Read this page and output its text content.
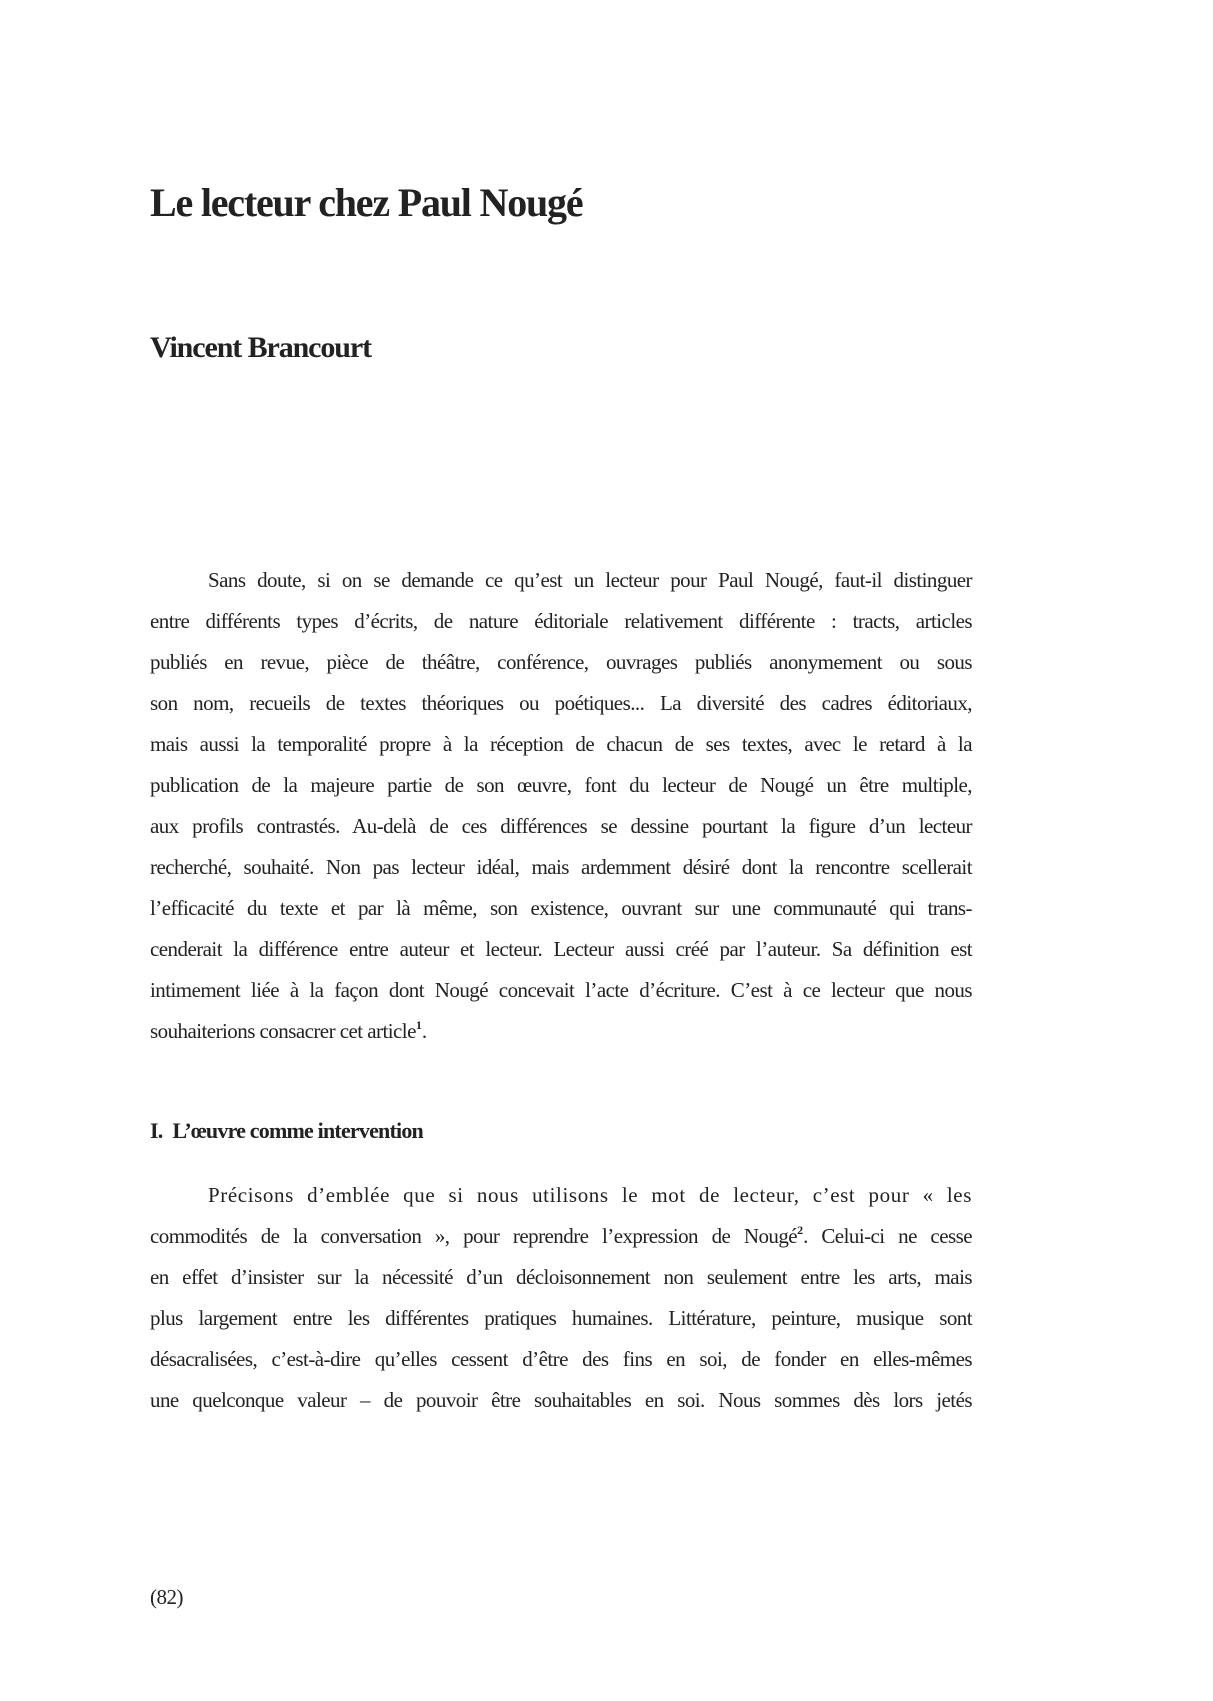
Le lecteur chez Paul Nougé
Vincent Brancourt
Sans doute, si on se demande ce qu’est un lecteur pour Paul Nougé, faut-il distinguer
entre différents types d’écrits, de nature éditoriale relativement différente : tracts, articles
publiés en revue, pièce de théâtre, conférence, ouvrages publiés anonymement ou sous
son nom, recueils de textes théoriques ou poétiques... La diversité des cadres éditoriaux,
mais aussi la temporalité propre à la réception de chacun de ses textes, avec le retard à la
publication de la majeure partie de son œuvre, font du lecteur de Nougé un être multiple,
aux profils contrastés. Au-delà de ces différences se dessine pourtant la figure d’un lecteur
recherché, souhaité. Non pas lecteur idéal, mais ardemment désiré dont la rencontre scellerait
l’efficacité du texte et par là même, son existence, ouvrant sur une communauté qui trans-
cenderait la différence entre auteur et lecteur. Lecteur aussi créé par l’auteur. Sa définition est
intimement liée à la façon dont Nougé concevait l’acte d’écriture. C’est à ce lecteur que nous
souhaiterions consacrer cet article$^1$.
I. L’œuvre comme intervention
Précisons d’emblée que si nous utilisons le mot de lecteur, c’est pour « les
commodités de la conversation », pour reprendre l’expression de Nougé$^2$. Celui-ci ne cesse
en effet d’insister sur la nécessité d’un décloisonnement non seulement entre les arts, mais
plus largement entre les différentes pratiques humaines. Littérature, peinture, musique sont
désacralisées, c’est-à-dire qu’elles cessent d’être des fins en soi, de fonder en elles-mêmes
une quelconque valeur – de pouvoir être souhaitables en soi. Nous sommes dès lors jetés
(82)
